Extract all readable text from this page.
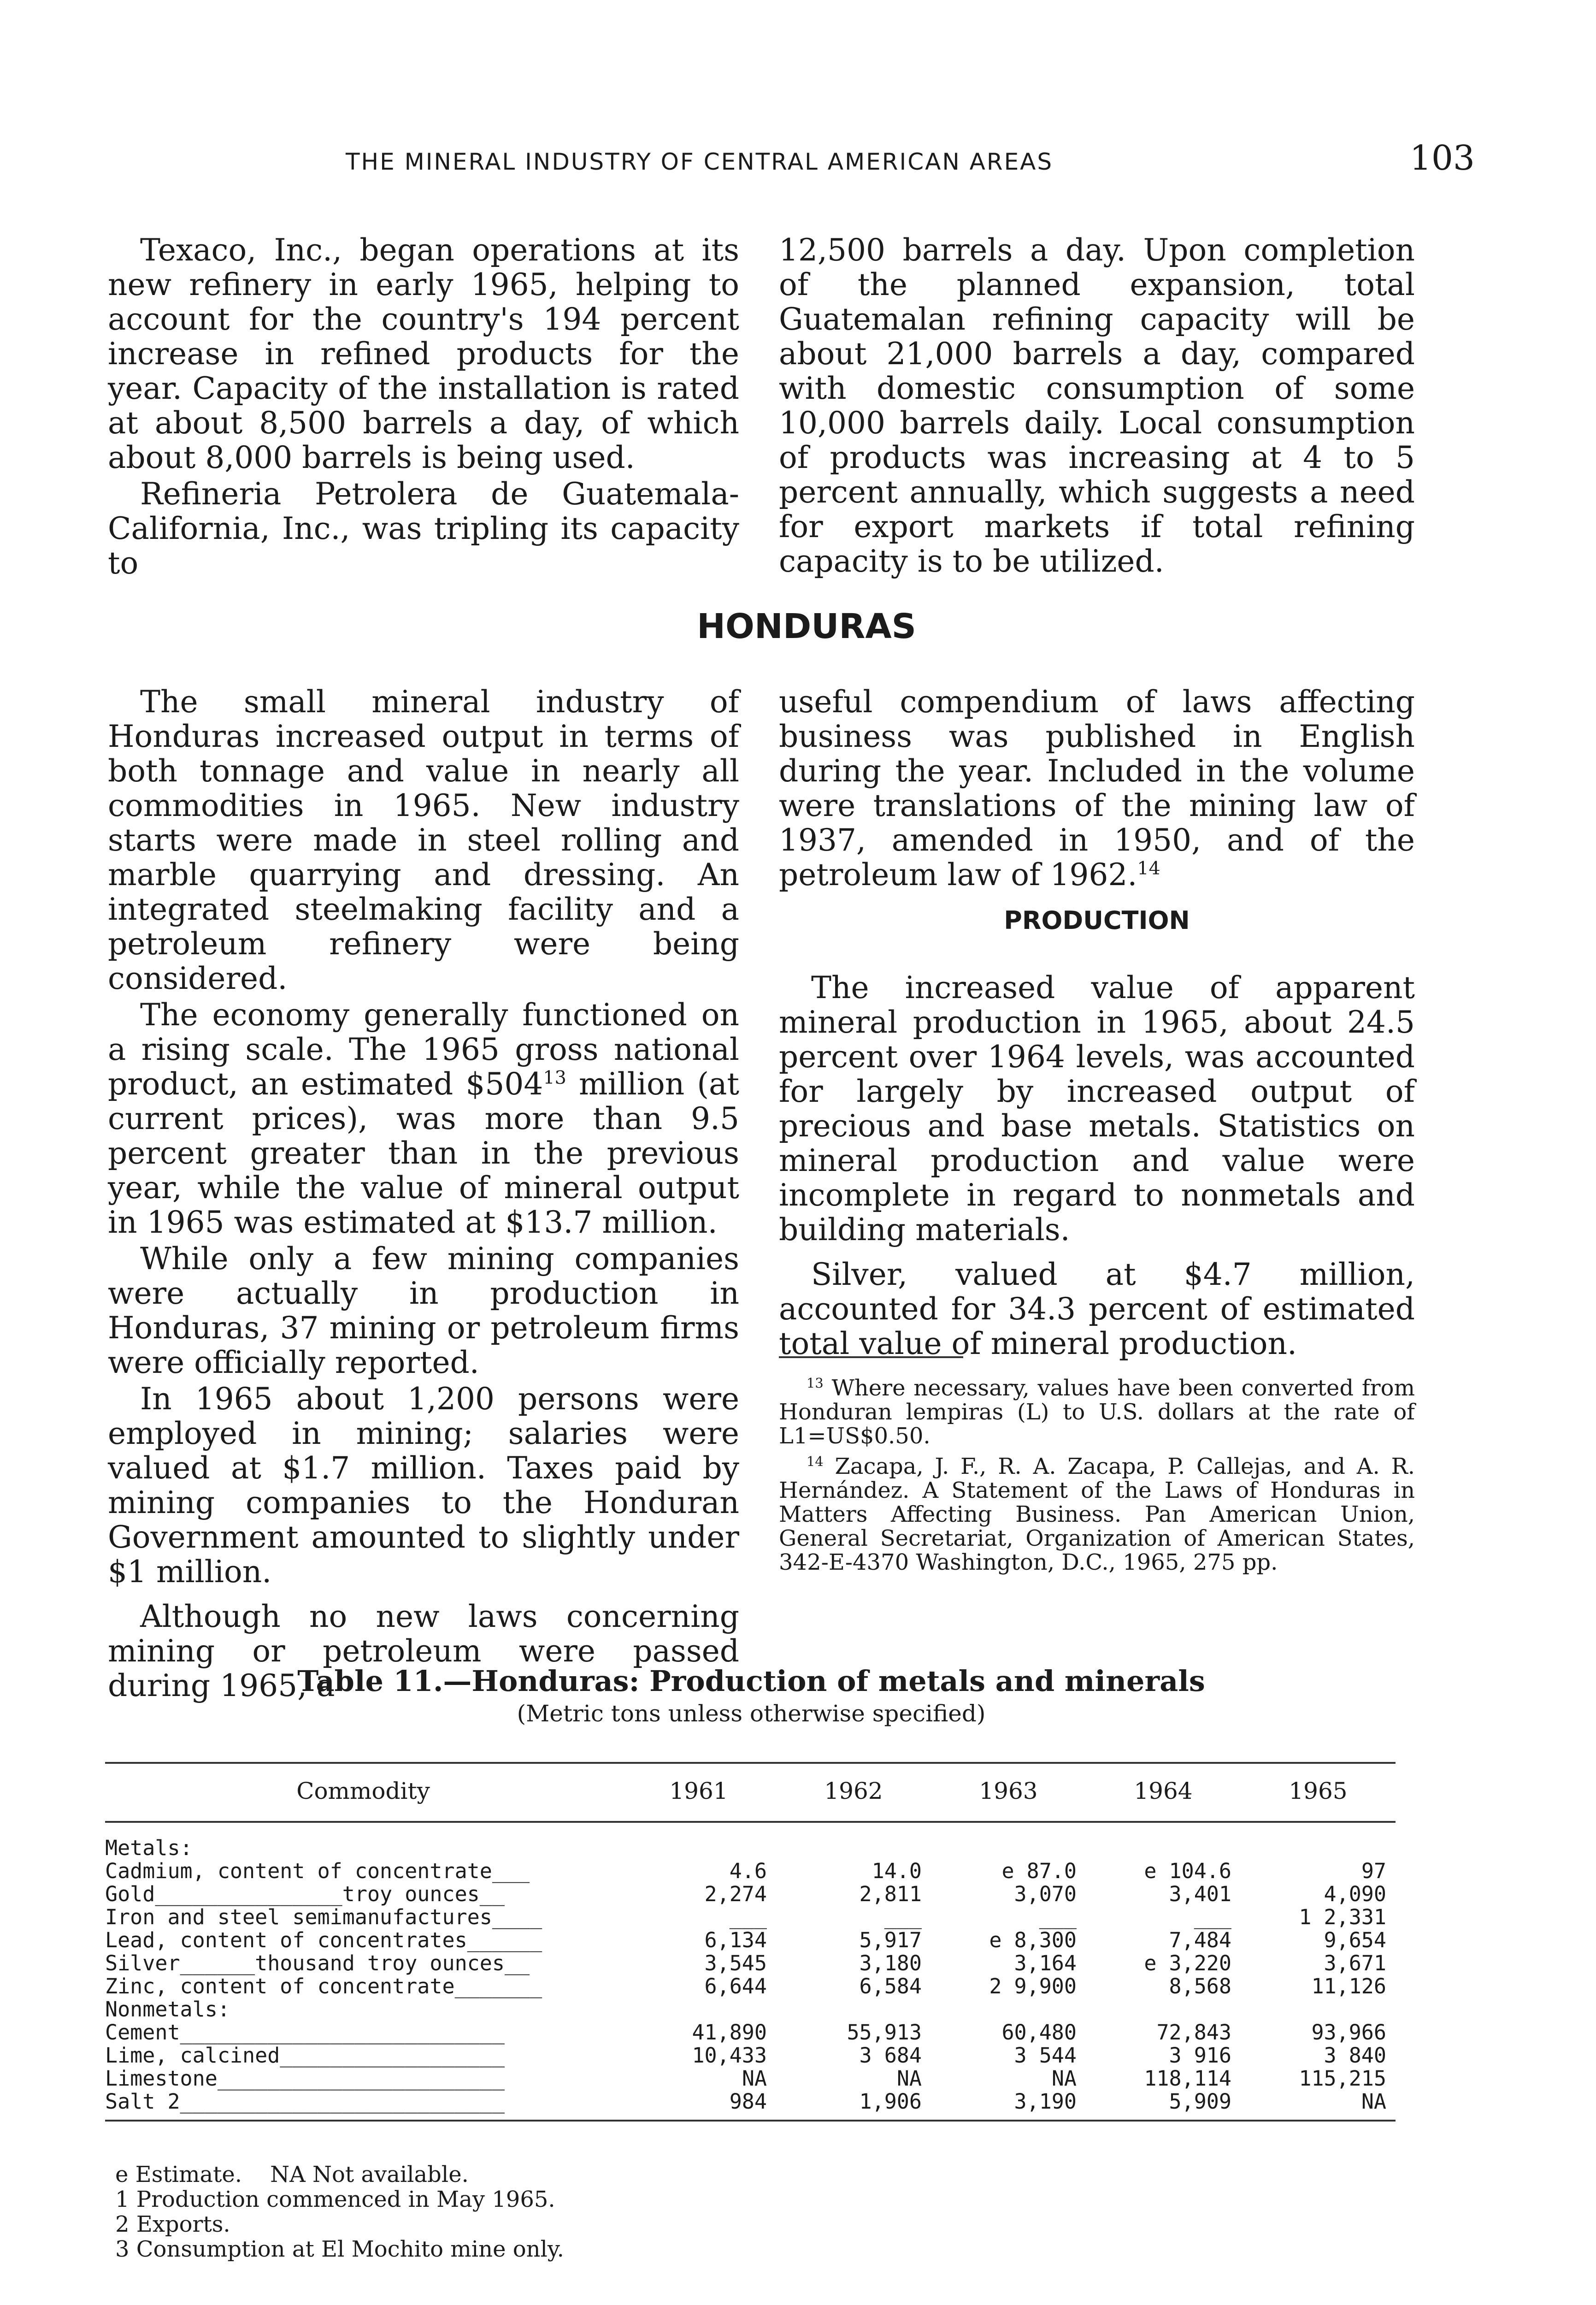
THE MINERAL INDUSTRY OF CENTRAL AMERICAN AREAS	103

Texaco, Inc., began operations at its new refinery in early 1965, helping to account for the country's 194 percent increase in refined products for the year. Capacity of the installation is rated at about 8,500 barrels a day, of which about 8,000 barrels is being used.

Refineria Petrolera de Guatemala-California, Inc., was tripling its capacity to

12,500 barrels a day. Upon completion of the planned expansion, total Guatemalan refining capacity will be about 21,000 barrels a day, compared with domestic consumption of some 10,000 barrels daily. Local consumption of products was increasing at 4 to 5 percent annually, which suggests a need for export markets if total refining capacity is to be utilized.

HONDURAS

The small mineral industry of Honduras increased output in terms of both tonnage and value in nearly all commodities in 1965. New industry starts were made in steel rolling and marble quarrying and dressing. An integrated steelmaking facility and a petroleum refinery were being considered.

The economy generally functioned on a rising scale. The 1965 gross national product, an estimated $\$504^{13}$ million (at current prices), was more than 9.5 percent greater than in the previous year, while the value of mineral output in 1965 was estimated at $13.7 million.

While only a few mining companies were actually in production in Honduras, 37 mining or petroleum firms were officially reported.

In 1965 about 1,200 persons were employed in mining; salaries were valued at $1.7 million. Taxes paid by mining companies to the Honduran Government amounted to slightly under $1 million.

Although no new laws concerning mining or petroleum were passed during 1965, a

useful compendium of laws affecting business was published in English during the year. Included in the volume were translations of the mining law of 1937, amended in 1950, and of the petroleum law of 1962.14

PRODUCTION

The increased value of apparent mineral production in 1965, about 24.5 percent over 1964 levels, was accounted for largely by increased output of precious and base metals. Statistics on mineral production and value were incomplete in regard to nonmetals and building materials.

Silver, valued at $4.7 million, accounted for 34.3 percent of estimated total value of mineral production.

$^{13}$ Where necessary, values have been converted from Honduran lempiras (L) to U.S. dollars at the rate of L1=US$0.50.

$^{14}$ Zacapa, J. F., R. A. Zacapa, P. Callejas, and A. R. Hernández. A Statement of the Laws of Honduras in Matters Affecting Business. Pan American Union, General Secretariat, Organization of American States, 342-E-4370 Washington, D.C., 1965, 275 pp.

Table 11.—Honduras: Production of metals and minerals
(Metric tons unless otherwise specified)
Commodity	1961	1962	1963	1964	1965
Metals:					
Cadmium, content of concentrate___	4.6	14.0	e 87.0	e 104.6	97
Gold_______________troy ounces__	2,274	2,811	3,070	3,401	4,090
Iron and steel semimanufactures____	___	___	___	___	1 2,331
Lead, content of concentrates______	6,134	5,917	e 8,300	7,484	9,654
Silver______thousand troy ounces__	3,545	3,180	3,164	e 3,220	3,671
Zinc, content of concentrate_______	6,644	6,584	2 9,900	8,568	11,126
Nonmetals:					
Cement__________________________	41,890	55,913	60,480	72,843	93,966
Lime, calcined__________________	10,433	3 684	3 544	3 916	3 840
Limestone_______________________	NA	NA	NA	118,114	115,215
Salt 2__________________________	984	1,906	3,190	5,909	NA
e Estimate.    NA Not available.
1 Production commenced in May 1965.
2 Exports.
3 Consumption at El Mochito mine only.
